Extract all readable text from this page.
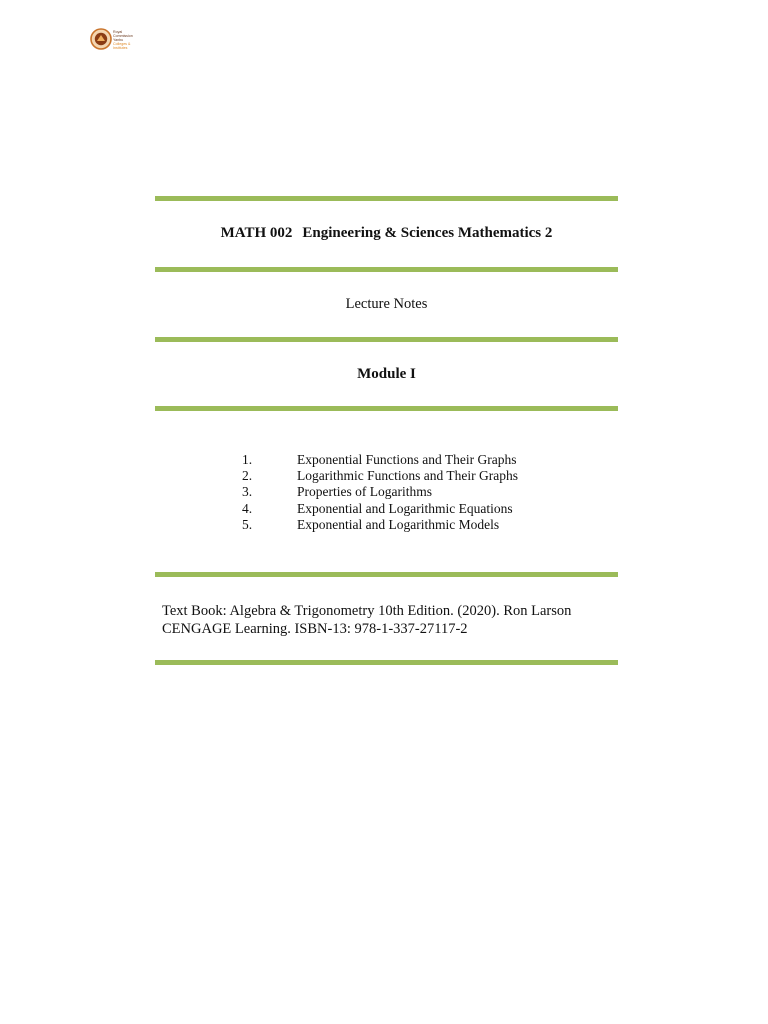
Royal
Commission
Yanbu
Colleges &
Institutes
MATH 002 Engineering & Sciences Mathematics 2
Lecture Notes
Module I
1.	Exponential Functions and Their Graphs
2.	Logarithmic Functions and Their Graphs
3.	Properties of Logarithms
4.	Exponential and Logarithmic Equations
5.	Exponential and Logarithmic Models
Text Book: Algebra & Trigonometry 10th Edition. (2020). Ron Larson
CENGAGE Learning. ISBN-13: 978-1-337-27117-2
